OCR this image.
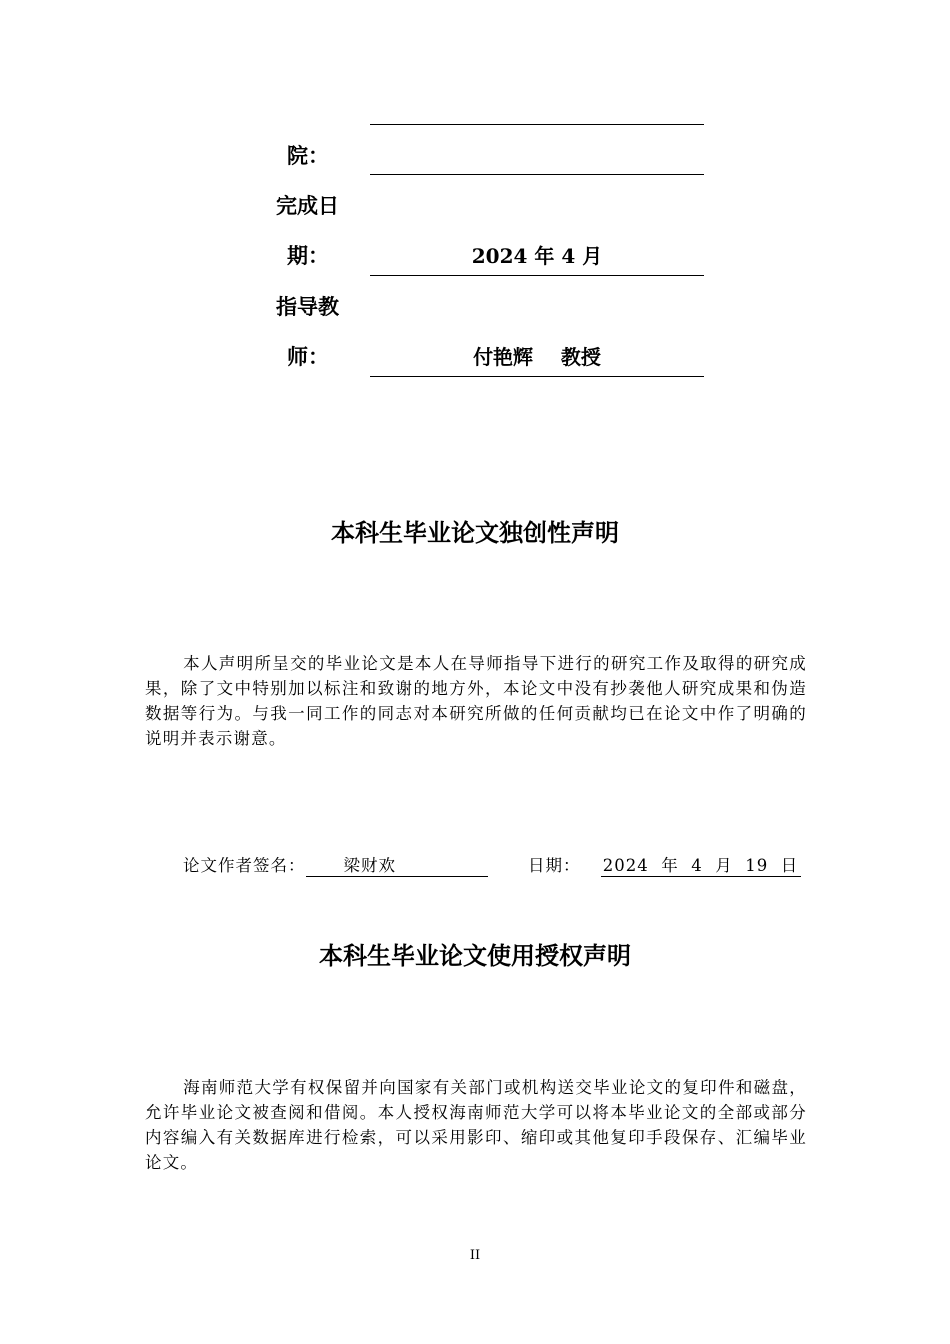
院：
完成日
期：	2024 年 4 月
指导教
师：	付艳辉    教授
本科生毕业论文独创性声明
本人声明所呈交的毕业论文是本人在导师指导下进行的研究工作及取得的研究成果，除了文中特别加以标注和致谢的地方外，本论文中没有抄袭他人研究成果和伪造数据等行为。与我一同工作的同志对本研究所做的任何贡献均已在论文中作了明确的说明并表示谢意。
论文作者签名： 梁财欢	日期： 2024  年  4  月  19  日
本科生毕业论文使用授权声明
海南师范大学有权保留并向国家有关部门或机构送交毕业论文的复印件和磁盘，允许毕业论文被查阅和借阅。本人授权海南师范大学可以将本毕业论文的全部或部分内容编入有关数据库进行检索，可以采用影印、缩印或其他复印手段保存、汇编毕业论文。
II
